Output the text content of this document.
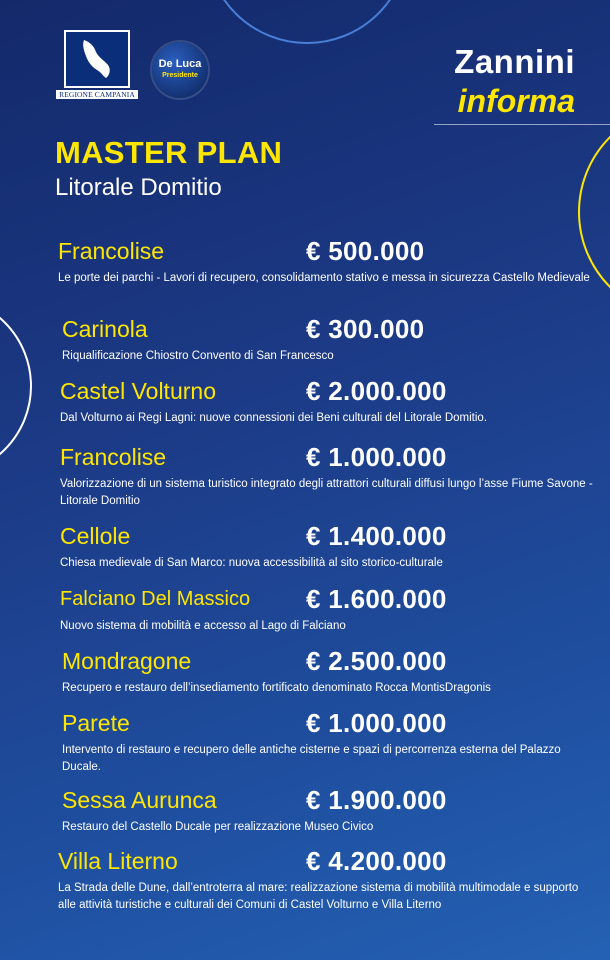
REGIONE CAMPANIA
De Luca
Presidente	Zannini
informa
MASTER PLAN
Litorale Domitio
Francolise	€ 500.000
Le porte dei parchi - Lavori di recupero, consolidamento stativo e messa in sicurezza Castello Medievale
Carinola	€ 300.000
Riqualificazione Chiostro Convento di San Francesco
Castel Volturno	€ 2.000.000
Dal Volturno ai Regi Lagni: nuove connessioni dei Beni culturali del Litorale Domitio.
Francolise	€ 1.000.000
Valorizzazione di un sistema turistico integrato degli attrattori culturali diffusi lungo l’asse Fiume Savone - Litorale Domitio
Cellole	€ 1.400.000
Chiesa medievale di San Marco: nuova accessibilità al sito storico-culturale
Falciano Del Massico € 1.600.000
Nuovo sistema di mobilità e accesso al Lago di Falciano
Mondragone	€ 2.500.000
Recupero e restauro dell’insediamento fortificato denominato Rocca MontisDragonis
Parete	€ 1.000.000
Intervento di restauro e recupero delle antiche cisterne e spazi di percorrenza esterna del Palazzo Ducale.
Sessa Aurunca	€ 1.900.000
Restauro del Castello Ducale per realizzazione Museo Civico
Villa Literno	€ 4.200.000
La Strada delle Dune, dall’entroterra al mare: realizzazione sistema di mobilità multimodale e supporto alle attività turistiche e culturali dei Comuni di Castel Volturno e Villa Literno
